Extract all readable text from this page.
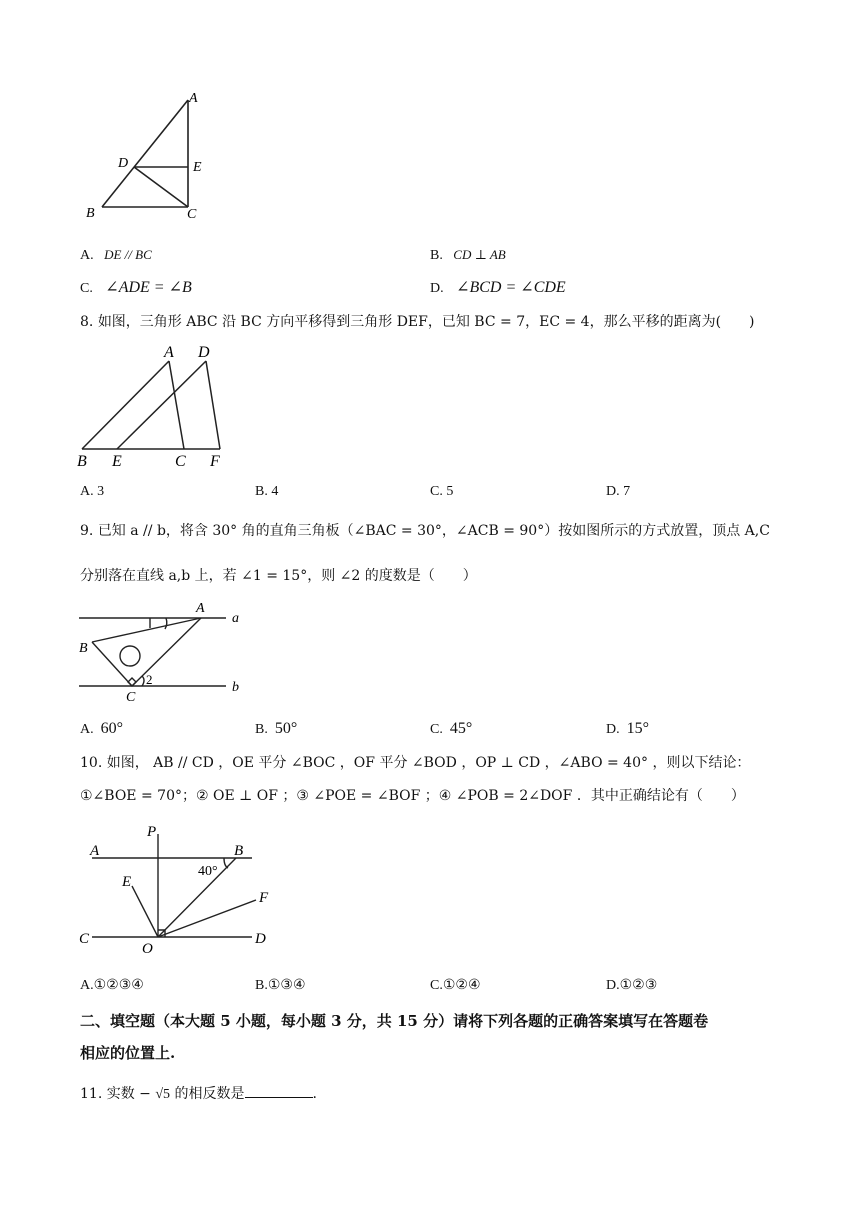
A
D	E
B	C
A. DE // BC	B. CD ⊥ AB
C. ∠ADE = ∠B	D. ∠BCD = ∠CDE
8. 如图，三角形 ABC 沿 BC 方向平移得到三角形 DEF，已知 BC = 7，EC = 4，那么平移的距离为(　　)
A D
B E	C F
A. 3	B. 4	C. 5	D. 7
9. 已知 a // b，将含 30° 角的直角三角板（∠BAC = 30°，∠ACB = 90°）按如图所示的方式放置，顶点 A,C
分别落在直线 a,b 上，若 ∠1 = 15°，则 ∠2 的度数是（　　）
A
a
B
2
C
b
A. 60°	B. 50°	C. 45°	D. 15°
10. 如图， AB // CD ，OE 平分 ∠BOC ，OF 平分 ∠BOD ，OP ⊥ CD ，∠ABO = 40° ，则以下结论：
①∠BOE = 70°；② OE ⊥ OF ；③ ∠POE = ∠BOF ；④ ∠POB = 2∠DOF ．其中正确结论有（　　）
P
A	B
40°
E
F
C
O
D
A.①②③④	B.①③④	C.①②④	D.①②③
二、填空题（本大题 5 小题，每小题 3 分，共 15 分）请将下列各题的正确答案填写在答题卷
相应的位置上.
11. 实数 − √5 的相反数是	.
